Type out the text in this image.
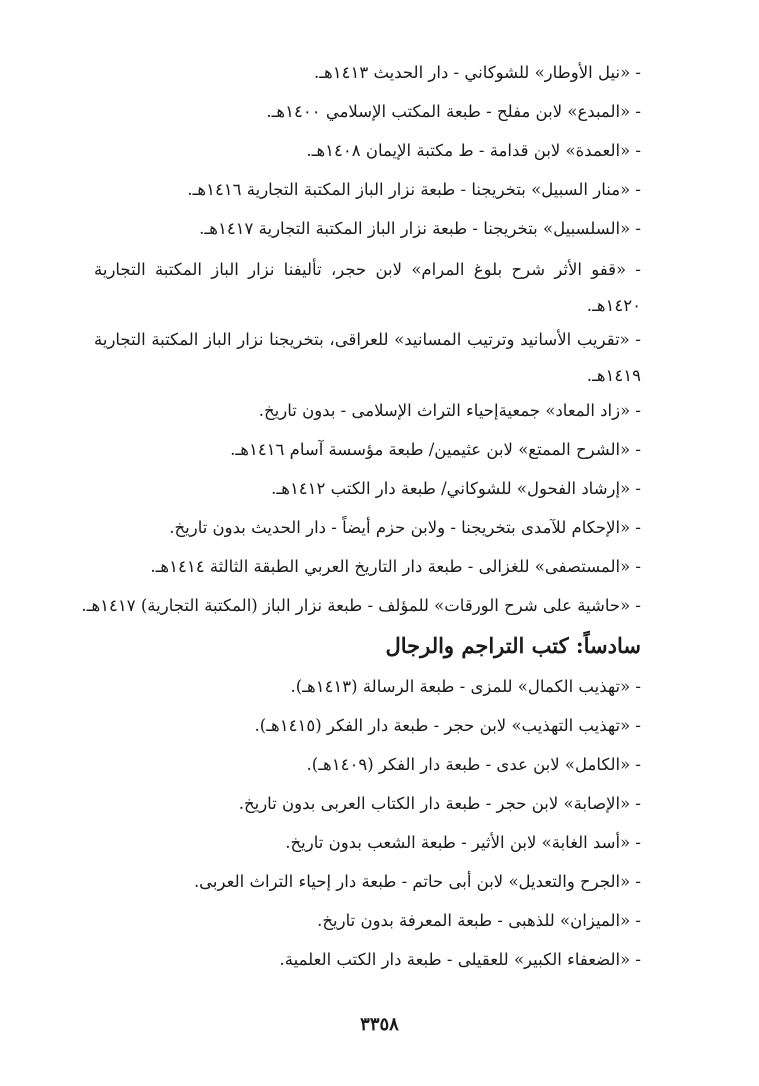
- «نيل الأوطار» للشوكاني - دار الحديث ١٤١٣هـ.
- «المبدع» لابن مفلح - طبعة المكتب الإسلامي ١٤٠٠هـ.
- «العمدة» لابن قدامة - ط مكتبة الإيمان ١٤٠٨هـ.
- «منار السبيل» بتخريجنا - طبعة نزار الباز المكتبة التجارية ١٤١٦هـ.
- «السلسبيل» بتخريجنا - طبعة نزار الباز المكتبة التجارية ١٤١٧هـ.
- «قفو الأثر شرح بلوغ المرام» لابن حجر، تأليفنا نزار الباز المكتبة التجارية ١٤٢٠هـ.
- «تقريب الأسانيد وترتيب المسانيد» للعراقى، بتخريجنا نزار الباز المكتبة التجارية ١٤١٩هـ.
- «زاد المعاد» جمعيةإحياء التراث الإسلامى - بدون تاريخ.
- «الشرح الممتع» لابن عثيمين/ طبعة مؤسسة آسام ١٤١٦هـ.
- «إرشاد الفحول» للشوكاني/ طبعة دار الكتب ١٤١٢هـ.
- «الإحكام للآمدى بتخريجنا - ولابن حزم أيضاً - دار الحديث بدون تاريخ.
- «المستصفى» للغزالى - طبعة دار التاريخ العربي الطبقة الثالثة ١٤١٤هـ.
- «حاشية على شرح الورقات» للمؤلف - طبعة نزار الباز (المكتبة التجارية) ١٤١٧هـ.
سادساً: كتب التراجم والرجال
- «تهذيب الكمال» للمزى - طبعة الرسالة (١٤١٣هـ).
- «تهذيب التهذيب» لابن حجر - طبعة دار الفكر (١٤١٥هـ).
- «الكامل» لابن عدى - طبعة دار الفكر (١٤٠٩هـ).
- «الإصابة» لابن حجر - طبعة دار الكتاب العربى بدون تاريخ.
- «أسد الغابة» لابن الأثير - طبعة الشعب بدون تاريخ.
- «الجرح والتعديل» لابن أبى حاتم - طبعة دار إحياء التراث العربى.
- «الميزان» للذهبى - طبعة المعرفة بدون تاريخ.
- «الضعفاء الكبير» للعقيلى - طبعة دار الكتب العلمية.
٣٣٥٨
